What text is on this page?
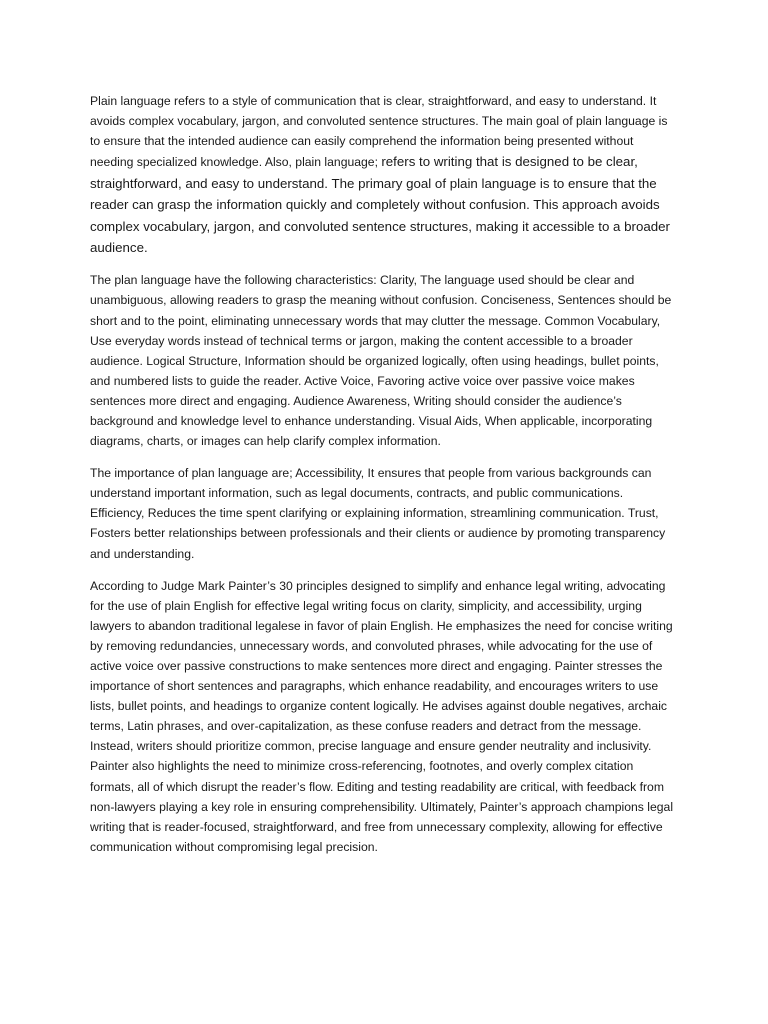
Plain language refers to a style of communication that is clear, straightforward, and easy to understand. It avoids complex vocabulary, jargon, and convoluted sentence structures. The main goal of plain language is to ensure that the intended audience can easily comprehend the information being presented without needing specialized knowledge. Also, plain language; refers to writing that is designed to be clear, straightforward, and easy to understand. The primary goal of plain language is to ensure that the reader can grasp the information quickly and completely without confusion. This approach avoids complex vocabulary, jargon, and convoluted sentence structures, making it accessible to a broader audience.

The plan language have the following characteristics: Clarity, The language used should be clear and unambiguous, allowing readers to grasp the meaning without confusion. Conciseness, Sentences should be short and to the point, eliminating unnecessary words that may clutter the message. Common Vocabulary, Use everyday words instead of technical terms or jargon, making the content accessible to a broader audience. Logical Structure, Information should be organized logically, often using headings, bullet points, and numbered lists to guide the reader. Active Voice, Favoring active voice over passive voice makes sentences more direct and engaging. Audience Awareness, Writing should consider the audience’s background and knowledge level to enhance understanding. Visual Aids, When applicable, incorporating diagrams, charts, or images can help clarify complex information.

The importance of plan language are; Accessibility, It ensures that people from various backgrounds can understand important information, such as legal documents, contracts, and public communications. Efficiency, Reduces the time spent clarifying or explaining information, streamlining communication. Trust, Fosters better relationships between professionals and their clients or audience by promoting transparency and understanding.

According to Judge Mark Painter’s 30 principles designed to simplify and enhance legal writing, advocating for the use of plain English for effective legal writing focus on clarity, simplicity, and accessibility, urging lawyers to abandon traditional legalese in favor of plain English. He emphasizes the need for concise writing by removing redundancies, unnecessary words, and convoluted phrases, while advocating for the use of active voice over passive constructions to make sentences more direct and engaging. Painter stresses the importance of short sentences and paragraphs, which enhance readability, and encourages writers to use lists, bullet points, and headings to organize content logically. He advises against double negatives, archaic terms, Latin phrases, and over-capitalization, as these confuse readers and detract from the message. Instead, writers should prioritize common, precise language and ensure gender neutrality and inclusivity. Painter also highlights the need to minimize cross-referencing, footnotes, and overly complex citation formats, all of which disrupt the reader’s flow. Editing and testing readability are critical, with feedback from non-lawyers playing a key role in ensuring comprehensibility. Ultimately, Painter’s approach champions legal writing that is reader-focused, straightforward, and free from unnecessary complexity, allowing for effective communication without compromising legal precision.
